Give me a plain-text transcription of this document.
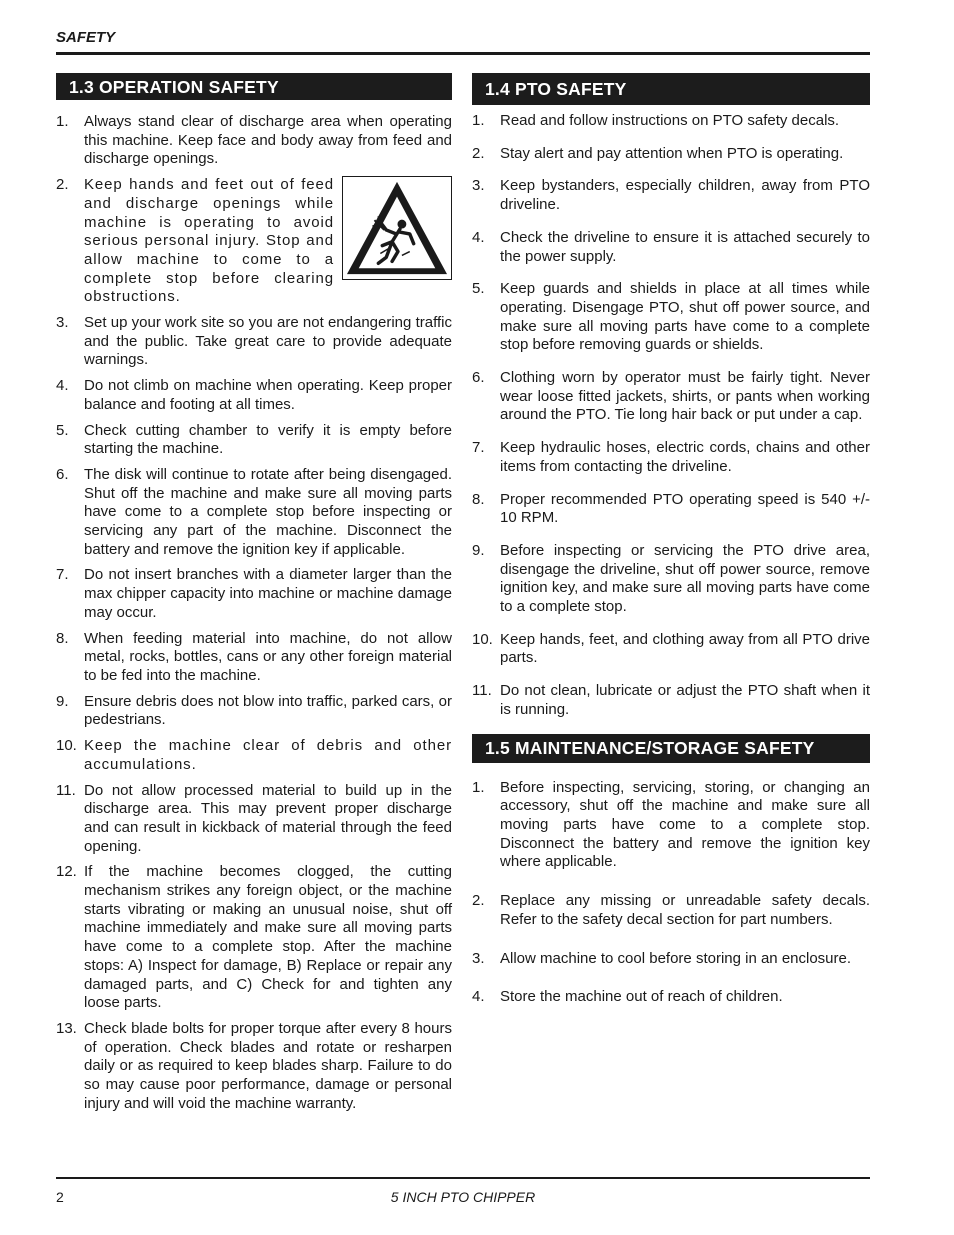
SAFETY
1.3 OPERATION SAFETY
1.	Always stand clear of discharge area when operating this machine. Keep face and body away from feed and discharge openings.
2.	Keep hands and feet out of feed and discharge openings while machine is operating to avoid serious personal injury. Stop and allow machine to come to a complete stop before clearing obstructions.
3.	Set up your work site so you are not endangering traffic and the public. Take great care to provide adequate warnings.
4.	Do not climb on machine when operating. Keep proper balance and footing at all times.
5.	Check cutting chamber to verify it is empty before starting the machine.
6.	The disk will continue to rotate after being disengaged. Shut off the machine and make sure all moving parts have come to a complete stop before inspecting or servicing any part of the machine. Disconnect the battery and remove the ignition key if applicable.
7.	Do not insert branches with a diameter larger than the max chipper capacity into machine or machine damage may occur.
8.	When feeding material into machine, do not allow metal, rocks, bottles, cans or any other foreign material to be fed into the machine.
9.	Ensure debris does not blow into traffic, parked cars, or pedestrians.
10. Keep the machine clear of debris and other accumulations.
11. Do not allow processed material to build up in the discharge area. This may prevent proper discharge and can result in kickback of material through the feed opening.
12. If the machine becomes clogged, the cutting mechanism strikes any foreign object, or the machine starts vibrating or making an unusual noise, shut off machine immediately and make sure all moving parts have come to a complete stop. After the machine stops: A) Inspect for damage, B) Replace or repair any damaged parts, and C) Check for and tighten any loose parts.
13. Check blade bolts for proper torque after every 8 hours of operation. Check blades and rotate or resharpen daily or as required to keep blades sharp. Failure to do so may cause poor performance, damage or personal injury and will void the machine warranty.
1.4 PTO SAFETY
1.	Read and follow instructions on PTO safety decals.
2.	Stay alert and pay attention when PTO is operating.
3.	Keep bystanders, especially children, away from PTO driveline.
4.	Check the driveline to ensure it is attached securely to the power supply.
5.	Keep guards and shields in place at all times while operating. Disengage PTO, shut off power source, and make sure all moving parts have come to a complete stop before removing guards or shields.
6.	Clothing worn by operator must be fairly tight. Never wear loose fitted jackets, shirts, or pants when working around the PTO. Tie long hair back or put under a cap.
7.	Keep hydraulic hoses, electric cords, chains and other items from contacting the driveline.
8.	Proper recommended PTO operating speed is 540 +/- 10 RPM.
9.	Before inspecting or servicing the PTO drive area, disengage the driveline, shut off power source, remove ignition key, and make sure all moving parts have come to a complete stop.
10. Keep hands, feet, and clothing away from all PTO drive parts.
11. Do not clean, lubricate or adjust the PTO shaft when it is running.
1.5 MAINTENANCE/STORAGE SAFETY
1.	Before inspecting, servicing, storing, or changing an accessory, shut off the machine and make sure all moving parts have come to a complete stop. Disconnect the battery and remove the ignition key where applicable.
2.	Replace any missing or unreadable safety decals. Refer to the safety decal section for part numbers.
3.	Allow machine to cool before storing in an enclosure.
4.	Store the machine out of reach of children.
2	5 INCH PTO CHIPPER
